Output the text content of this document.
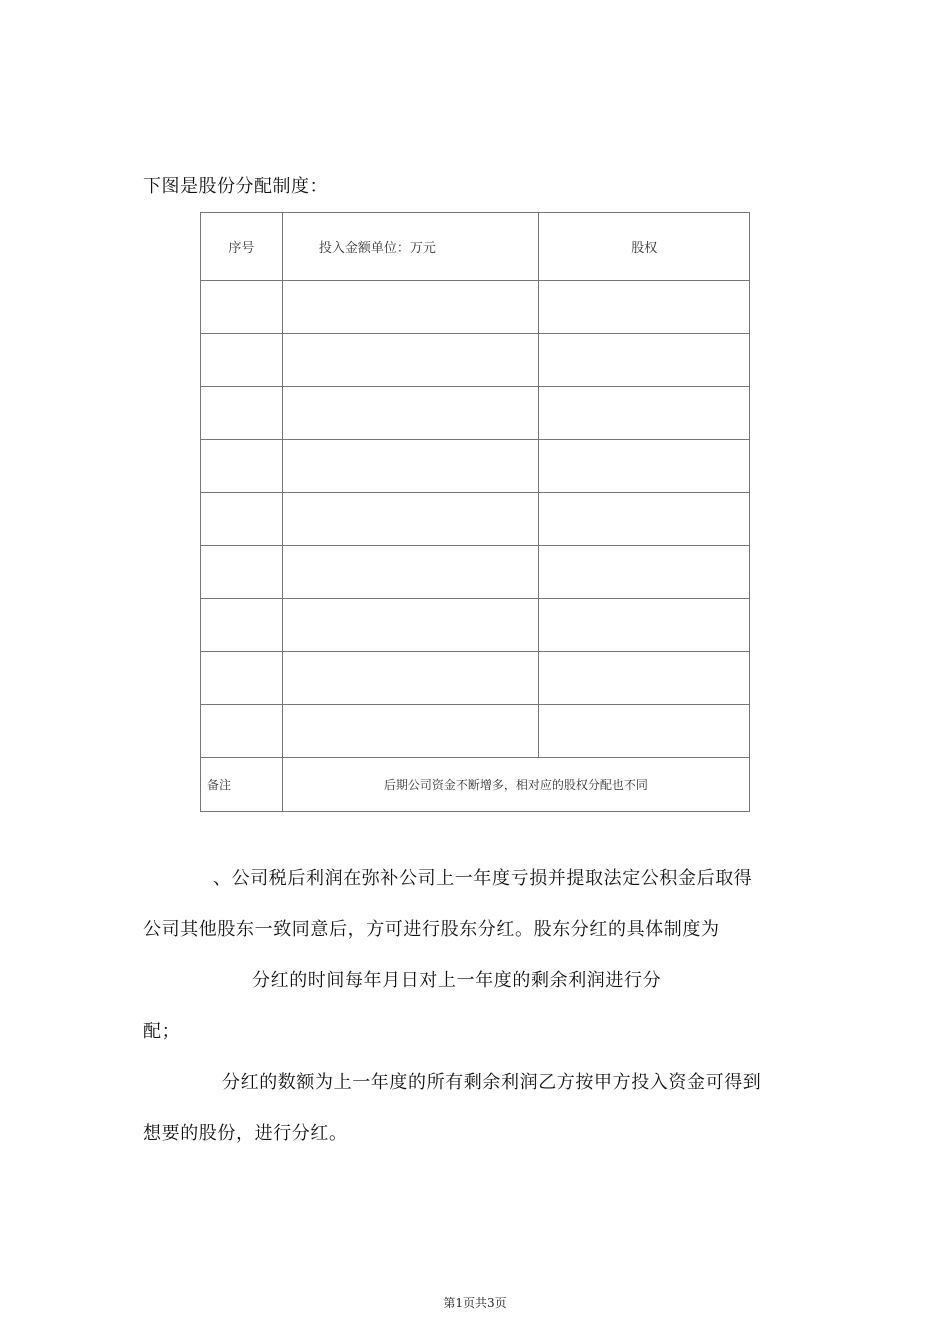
下图是股份分配制度：
序号	投入金额单位：万元	股权

备注	后期公司资金不断增多，相对应的股权分配也不同	
、公司税后利润在弥补公司上一年度亏损并提取法定公积金后取得
公司其他股东一致同意后，方可进行股东分红。股东分红的具体制度为
分红的时间每年月日对上一年度的剩余利润进行分
配；
分红的数额为上一年度的所有剩余利润乙方按甲方投入资金可得到
想要的股份，进行分红。
第1页共3页
